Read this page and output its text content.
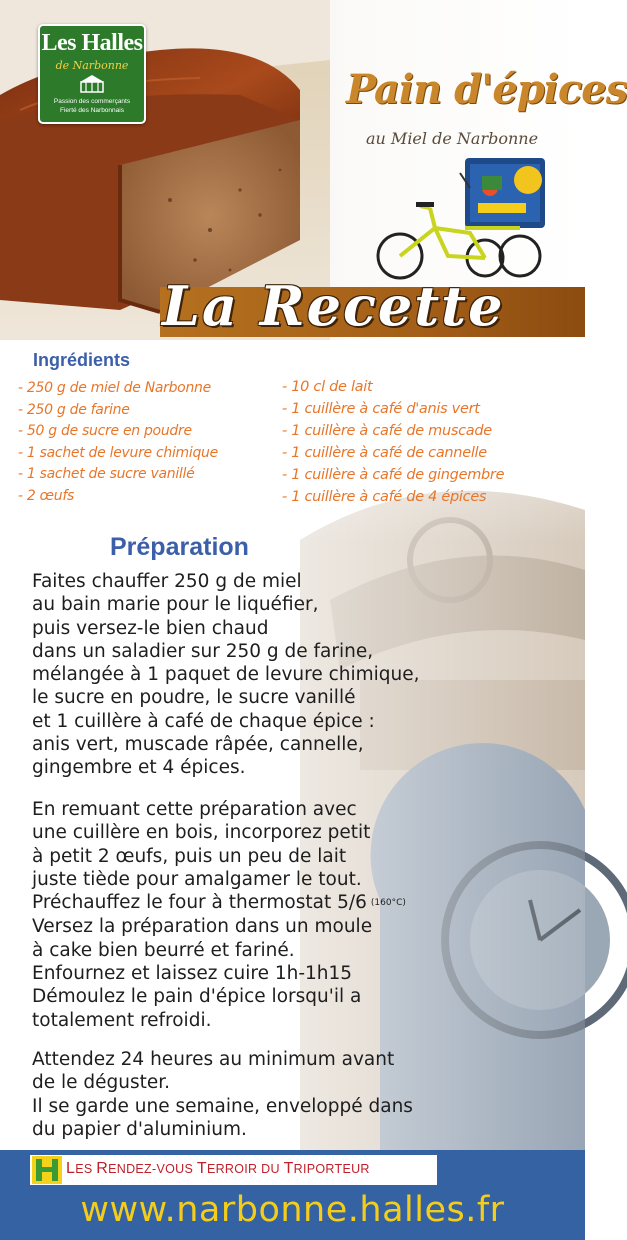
Les Halles
de Narbonne
Passion des commerçants
Fierté des Narbonnais	Pain d'épices
au Miel de Narbonne
La Recette
Ingrédients
- 250 g de miel de Narbonne
- 250 g de farine
- 50 g de sucre en poudre
- 1 sachet de levure chimique
- 1 sachet de sucre vanillé
- 2 œufs
- 10 cl de lait
- 1 cuillère à café d'anis vert
- 1 cuillère à café de muscade
- 1 cuillère à café de cannelle
- 1 cuillère à café de gingembre
- 1 cuillère à café de 4 épices
Préparation
Faites chauffer 250 g de miel
au bain marie pour le liquéfier,
puis versez-le bien chaud
dans un saladier sur 250 g de farine,
mélangée à 1 paquet de levure chimique,
le sucre en poudre, le sucre vanillé
et 1 cuillère à café de chaque épice :
anis vert, muscade râpée, cannelle,
gingembre et 4 épices.
En remuant cette préparation avec
une cuillère en bois, incorporez petit
à petit 2 œufs, puis un peu de lait
juste tiède pour amalgamer le tout.
Préchauffez le four à thermostat 5/6 (160°C)
Versez la préparation dans un moule
à cake bien beurré et fariné.
Enfournez et laissez cuire 1h-1h15
Démoulez le pain d'épice lorsqu'il a
totalement refroidi.
Attendez 24 heures au minimum avant
de le déguster.
Il se garde une semaine, enveloppé dans
du papier d'aluminium.
LES RENDEZ-VOUS TERROIR DU TRIPORTEUR
www.narbonne.halles.fr
